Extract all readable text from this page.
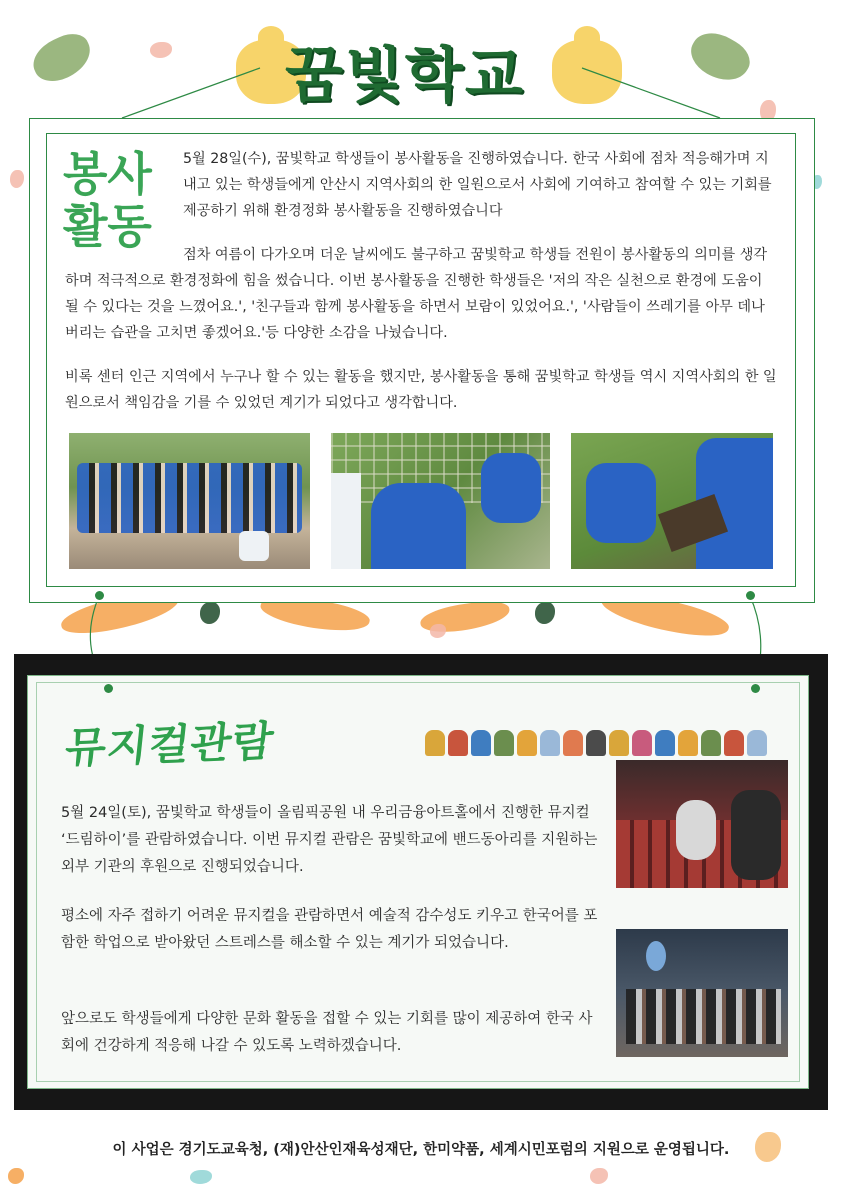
꿈빛학교
봉사
활동
5월 28일(수), 꿈빛학교 학생들이 봉사활동을 진행하였습니다. 한국 사회에 점차 적응해가며 지내고 있는 학생들에게 안산시 지역사회의 한 일원으로서 사회에 기여하고 참여할 수 있는 기회를 제공하기 위해 환경정화 봉사활동을 진행하였습니다
점차 여름이 다가오며 더운 날씨에도 불구하고 꿈빛학교 학생들 전원이 봉사활동의 의미를 생각하며 적극적으로 환경정화에 힘을 썼습니다. 이번 봉사활동을 진행한 학생들은 '저의 작은 실천으로 환경에 도움이 될 수 있다는 것을 느꼈어요.', '친구들과 함께 봉사활동을 하면서 보람이 있었어요.', '사람들이 쓰레기를 아무 데나 버리는 습관을 고치면 좋겠어요.'등 다양한 소감을 나눴습니다.
비록 센터 인근 지역에서 누구나 할 수 있는 활동을 했지만, 봉사활동을 통해 꿈빛학교 학생들 역시 지역사회의 한 일원으로서 책임감을 기를 수 있었던 계기가 되었다고 생각합니다.
뮤지컬관람
5월 24일(토), 꿈빛학교 학생들이 올림픽공원 내 우리금융아트홀에서 진행한 뮤지컬 ‘드림하이’를 관람하였습니다. 이번 뮤지컬 관람은 꿈빛학교에 밴드동아리를 지원하는 외부 기관의 후원으로 진행되었습니다.
평소에 자주 접하기 어려운 뮤지컬을 관람하면서 예술적 감수성도 키우고 한국어를 포함한 학업으로 받아왔던 스트레스를 해소할 수 있는 계기가 되었습니다.
앞으로도 학생들에게 다양한 문화 활동을 접할 수 있는 기회를 많이 제공하여 한국 사회에 건강하게 적응해 나갈 수 있도록 노력하겠습니다.
이 사업은 경기도교육청, (재)안산인재육성재단, 한미약품, 세계시민포럼의 지원으로 운영됩니다.
